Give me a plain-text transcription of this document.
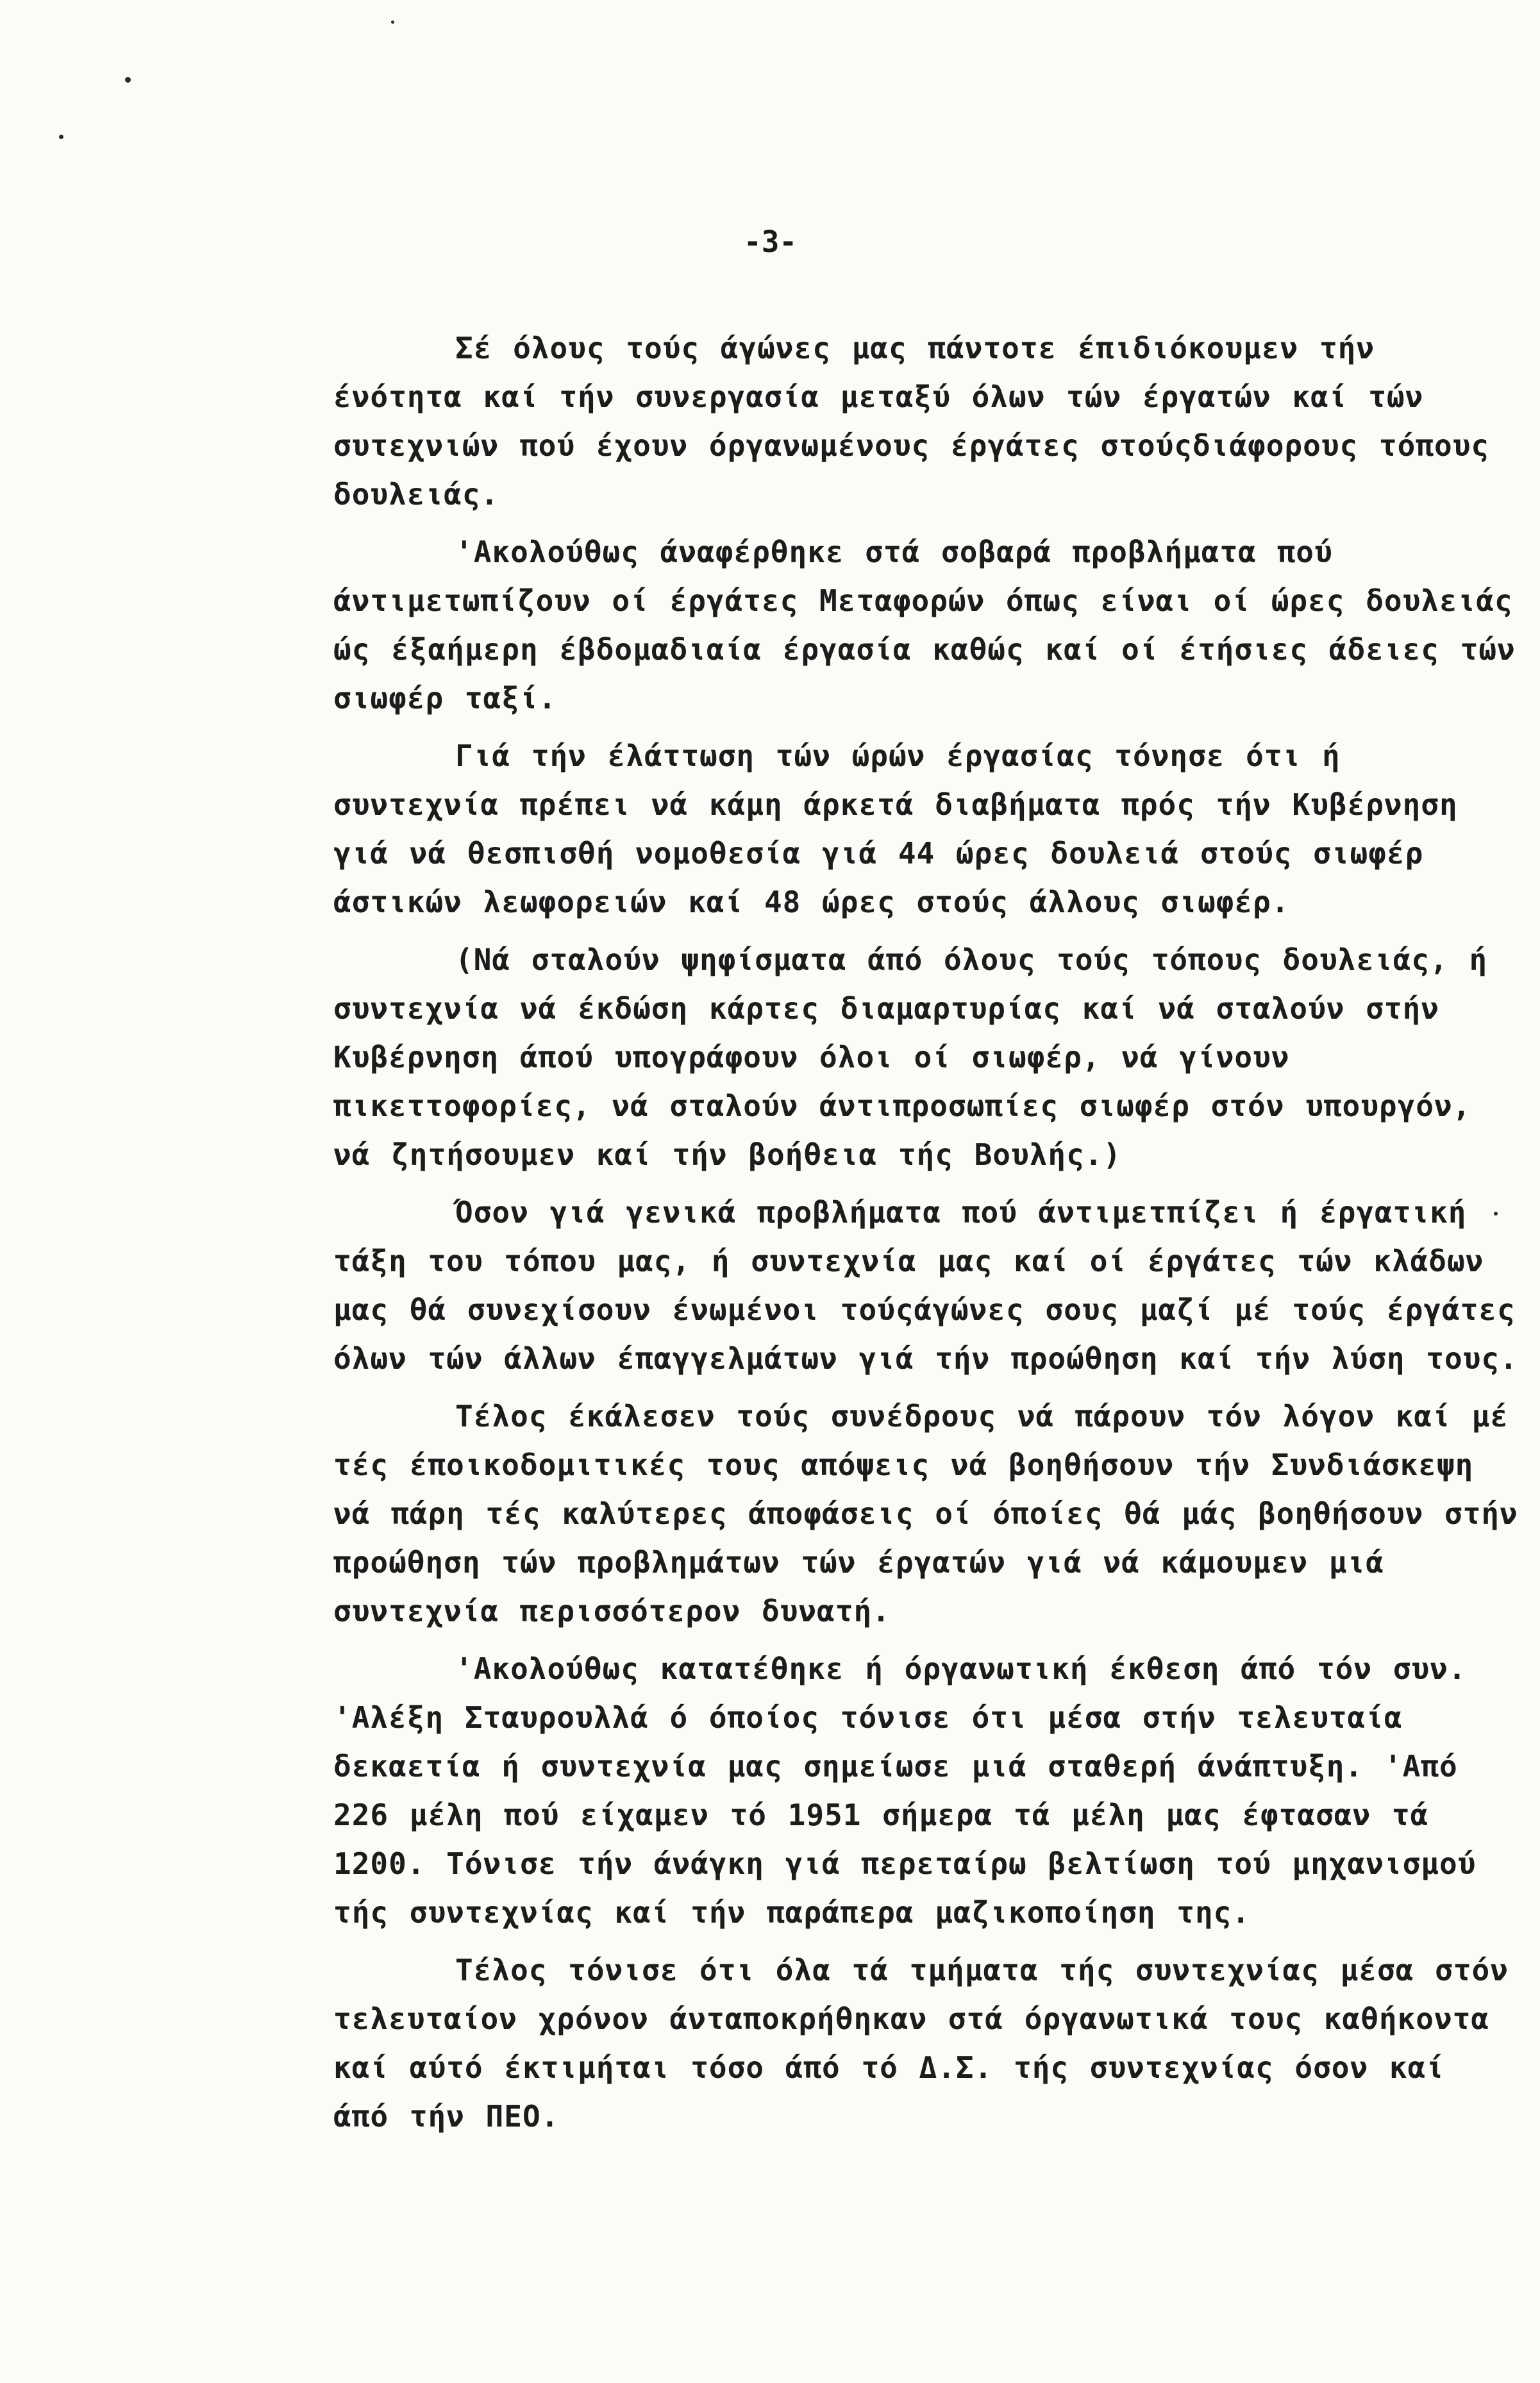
-3-

Σέ όλους τούς άγώνες μας πάντοτε έπιδιόκουμεν τήν ένότητα καί τήν συνεργασία μεταξύ όλων τών έργατών καί τών συτεχνιών πού έχουν όργανωμένους έργάτες στούςδιάφορους τόπους δουλειάς.

'Ακολούθως άναφέρθηκε στά σοβαρά προβλήματα πού άντιμετωπίζουν οί έργάτες Μεταφορών όπως είναι οί ώρες δουλειάς ώς έξαήμερη έβδομαδιαία έργασία καθώς καί οί έτήσιες άδειες τών σιωφέρ ταξί.

Γιά τήν έλάττωση τών ώρών έργασίας τόνησε ότι ή συντεχνία πρέπει νά κάμη άρκετά διαβήματα πρός τήν Κυβέρνηση γιά νά θεσπισθή νομοθεσία γιά 44 ώρες δουλειά στούς σιωφέρ άστικών λεωφορειών καί 48 ώρες στούς άλλους σιωφέρ.

(Νά σταλούν ψηφίσματα άπό όλους τούς τόπους δουλειάς, ή συντεχνία νά έκδώση κάρτες διαμαρτυρίας καί νά σταλούν στήν Κυβέρνηση άπού υπογράφουν όλοι οί σιωφέρ, νά γίνουν πικεττοφορίες, νά σταλούν άντιπροσωπίες σιωφέρ στόν υπουργόν, νά ζητήσουμεν καί τήν βοήθεια τής Βουλής.)

Όσον γιά γενικά προβλήματα πού άντιμετπίζει ή έργατική τάξη του τόπου μας, ή συντεχνία μας καί οί έργάτες τών κλάδων μας θά συνεχίσουν ένωμένοι τούςάγώνες σους μαζί μέ τούς έργάτες όλων τών άλλων έπαγγελμάτων γιά τήν προώθηση καί τήν λύση τους.

Τέλος έκάλεσεν τούς συνέδρους νά πάρουν τόν λόγον καί μέ τές έποικοδομιτικές τους απόψεις νά βοηθήσουν τήν Συνδιάσκεψη νά πάρη τές καλύτερες άποφάσεις οί όποίες θά μάς βοηθήσουν στήν προώθηση τών προβλημάτων τών έργατών γιά νά κάμουμεν μιά συντεχνία περισσότερον δυνατή.

'Ακολούθως κατατέθηκε ή όργανωτική έκθεση άπό τόν συν. 'Αλέξη Σταυρουλλά ό όποίος τόνισε ότι μέσα στήν τελευταία δεκαετία ή συντεχνία μας σημείωσε μιά σταθερή άνάπτυξη. 'Από 226 μέλη πού είχαμεν τό 1951 σήμερα τά μέλη μας έφτασαν τά 1200. Τόνισε τήν άνάγκη γιά περεταίρω βελτίωση τού μηχανισμού τής συντεχνίας καί τήν παράπερα μαζικοποίηση της.

Τέλος τόνισε ότι όλα τά τμήματα τής συντεχνίας μέσα στόν τελευταίον χρόνον άνταποκρήθηκαν στά όργανωτικά τους καθήκοντα καί αύτό έκτιμήται τόσο άπό τό Δ.Σ. τής συντεχνίας όσον καί άπό τήν ΠΕΟ.
